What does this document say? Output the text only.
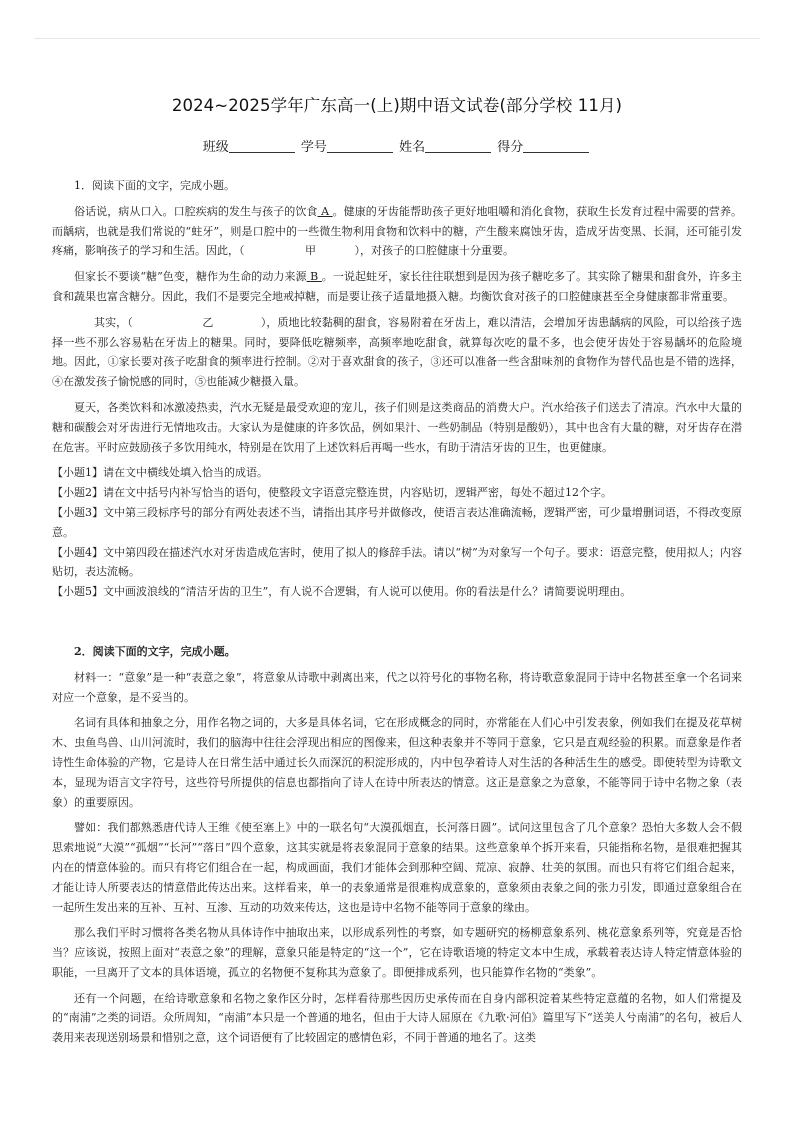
2024~2025学年广东高一(上)期中语文试卷(部分学校 11月)
班级	学号	姓名	得分
1．阅读下面的文字，完成小题。

俗话说，病从口入。口腔疾病的发生与孩子的饮食 A 。健康的牙齿能帮助孩子更好地咀嚼和消化食物，获取生长发育过程中需要的营养。而龋病，也就是我们常说的“蛀牙”，则是口腔中的一些微生物利用食物和饮料中的糖，产生酸来腐蚀牙齿，造成牙齿变黑、长洞，还可能引发疼痛，影响孩子的学习和生活。因此，（	甲	），对孩子的口腔健康十分重要。

但家长不要谈“糖”色变，糖作为生命的动力来源 B 。一说起蛀牙，家长往往联想到是因为孩子糖吃多了。其实除了糖果和甜食外，许多主食和蔬果也富含糖分。因此，我们不是要完全地戒掉糖，而是要让孩子适量地摄入糖。均衡饮食对孩子的口腔健康甚至全身健康都非常重要。

其实，（	乙	），质地比较黏稠的甜食，容易附着在牙齿上，难以清洁，会增加牙齿患龋病的风险，可以给孩子选择一些不那么容易粘在牙齿上的糖果。同时，要降低吃糖频率，高频率地吃甜食，就算每次吃的量不多，也会使牙齿处于容易龋坏的危险境地。因此，①家长要对孩子吃甜食的频率进行控制。②对于喜欢甜食的孩子，③还可以准备一些含甜味剂的食物作为替代品也是不错的选择，④在激发孩子愉悦感的同时，⑤也能减少糖摄入量。

夏天，各类饮料和冰激凌热卖，汽水无疑是最受欢迎的宠儿，孩子们则是这类商品的消费大户。汽水给孩子们送去了清凉。汽水中大量的糖和碳酸会对牙齿进行无情地攻击。大家认为是健康的许多饮品，例如果汁、一些奶制品（特别是酸奶），其中也含有大量的糖，对牙齿存在潜在危害。平时应鼓励孩子多饮用纯水，特别是在饮用了上述饮料后再喝一些水，有助于清洁牙齿的卫生，也更健康。

【小题1】请在文中横线处填入恰当的成语。
【小题2】请在文中括号内补写恰当的语句，使整段文字语意完整连贯，内容贴切，逻辑严密，每处不超过12个字。
【小题3】文中第三段标序号的部分有两处表述不当，请指出其序号并做修改，使语言表达准确流畅，逻辑严密，可少量增删词语，不得改变原意。
【小题4】文中第四段在描述汽水对牙齿造成危害时，使用了拟人的修辞手法。请以“树”为对象写一个句子。要求：语意完整，使用拟人；内容贴切，表达流畅。
【小题5】文中画波浪线的“清洁牙齿的卫生”，有人说不合逻辑，有人说可以使用。你的看法是什么？请简要说明理由。
2．阅读下面的文字，完成小题。

材料一：“意象”是一种“表意之象”，将意象从诗歌中剥离出来，代之以符号化的事物名称，将诗歌意象混同于诗中名物甚至拿一个名词来对应一个意象，是不妥当的。

名词有具体和抽象之分，用作名物之词的，大多是具体名词，它在形成概念的同时，亦常能在人们心中引发表象，例如我们在提及花草树木、虫鱼鸟兽、山川河流时，我们的脑海中往往会浮现出相应的图像来，但这种表象并不等同于意象，它只是直观经验的积累。而意象是作者诗性生命体验的产物，它是诗人在日常生活中通过长久而深沉的积淀形成的，内中包孕着诗人对生活的各种活生生的感受。即使转型为诗歌文本，显现为语言文字符号，这些符号所提供的信息也都指向了诗人在诗中所表达的情意。这正是意象之为意象，不能等同于诗中名物之象（表象）的重要原因。

譬如：我们都熟悉唐代诗人王维《使至塞上》中的一联名句“大漠孤烟直，长河落日圆”。试问这里包含了几个意象？恐怕大多数人会不假思索地说“大漠”“孤烟”“长河”“落日”四个意象，这其实就是将表象混同于意象的结果。这些意象单个拆开来看，只能指称名物，是很难把握其内在的情意体验的。而只有将它们组合在一起，构成画面，我们才能体会到那种空阔、荒凉、寂静、壮美的氛围。而也只有将它们组合起来，才能让诗人所要表达的情意借此传达出来。这样看来，单一的表象通常是很难构成意象的，意象须由表象之间的张力引发，即通过意象组合在一起所生发出来的互补、互衬、互渗、互动的功效来传达，这也是诗中名物不能等同于意象的缘由。

那么我们平时习惯将各类名物从具体诗作中抽取出来，以形成系列性的考察，如专题研究的杨柳意象系列、桃花意象系列等，究竟是否恰当？应该说，按照上面对“表意之象”的理解，意象只能是特定的“这一个”，它在诗歌语境的特定文本中生成，承载着表达诗人特定情意体验的职能，一旦离开了文本的具体语境，孤立的名物便不复称其为意象了。即便排成系列，也只能算作名物的“类象”。

还有一个问题，在给诗歌意象和名物之象作区分时，怎样看待那些因历史承传而在自身内部积淀着某些特定意蕴的名物，如人们常提及的“南浦”之类的词语。众所周知，“南浦”本只是一个普通的地名，但由于大诗人屈原在《九歌·河伯》篇里写下“送美人兮南浦”的名句，被后人袭用来表现送别场景和惜别之意，这个词语便有了比较固定的感情色彩，不同于普通的地名了。这类
